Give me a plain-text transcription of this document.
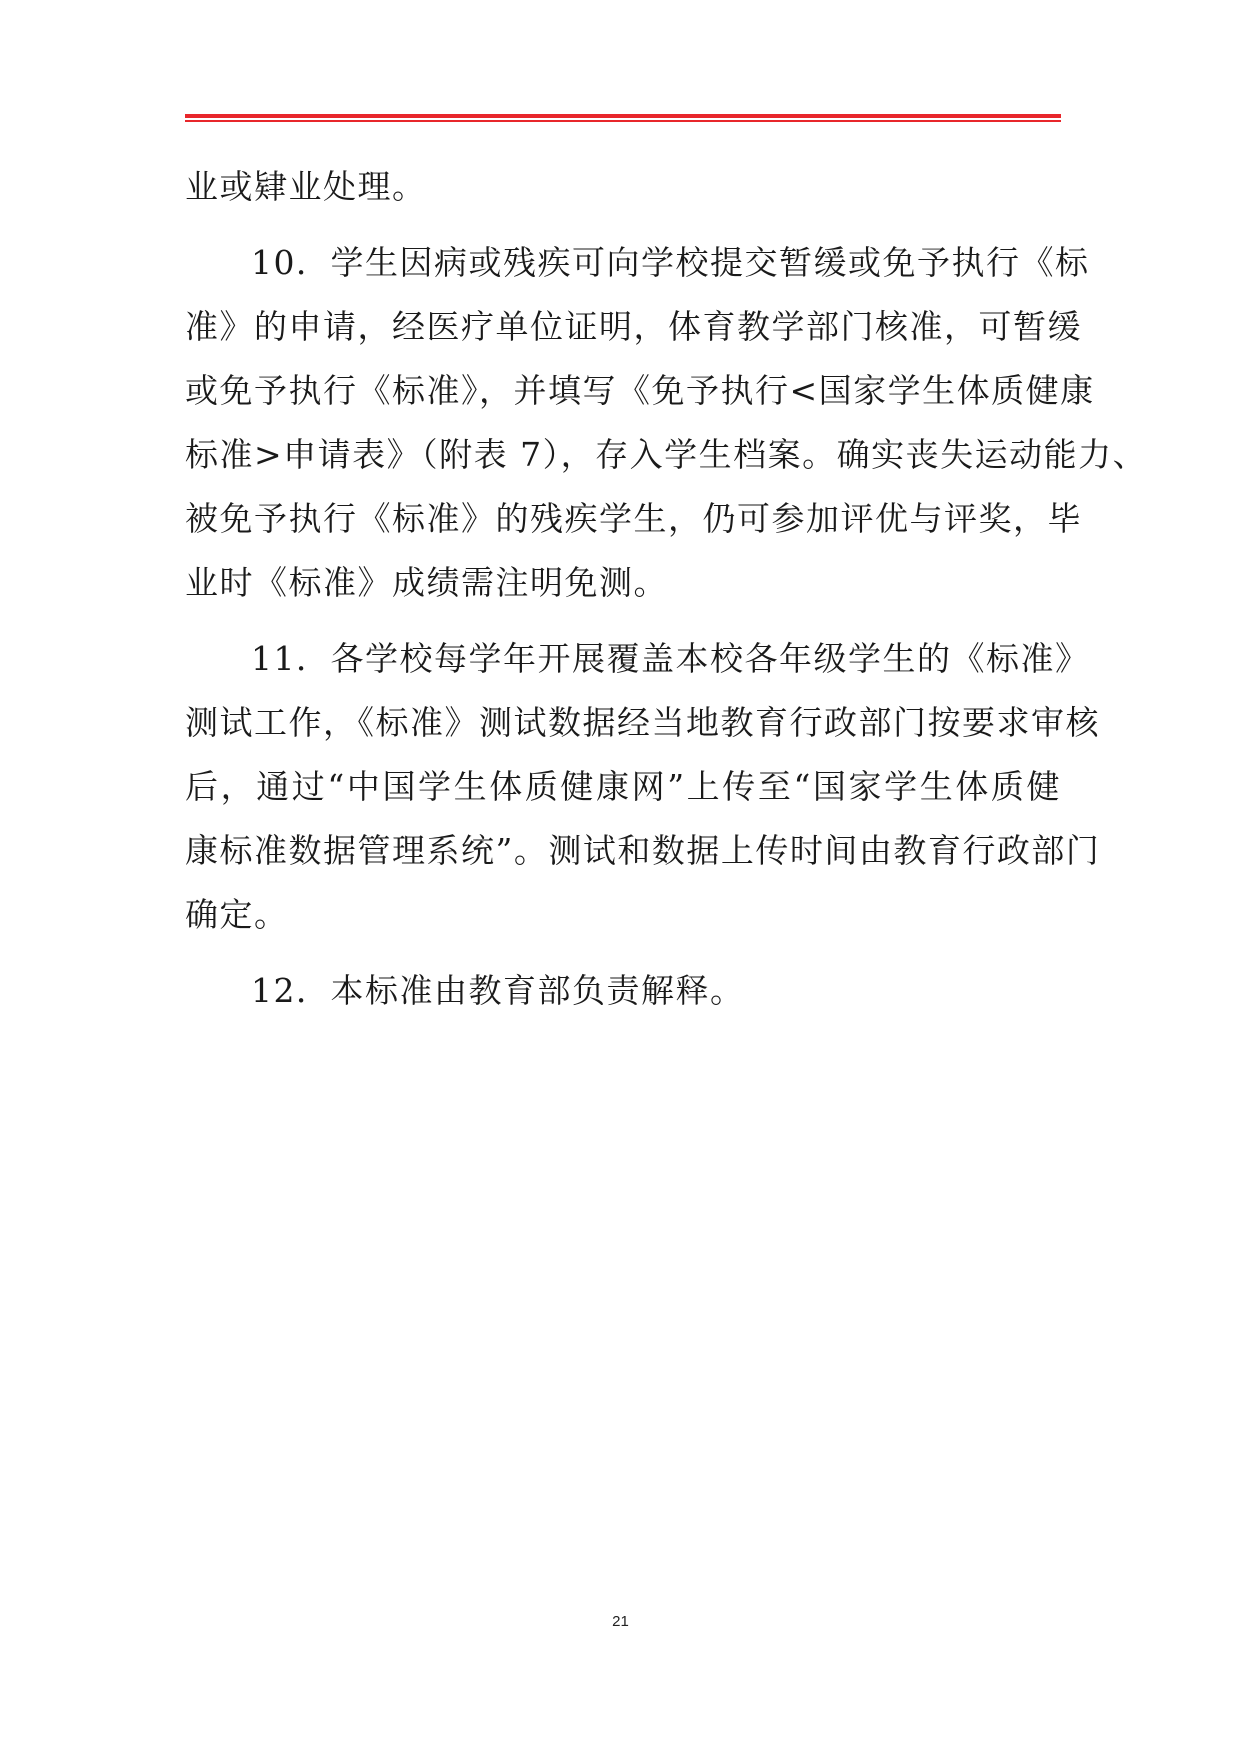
业或肄业处理。
10．学生因病或残疾可向学校提交暂缓或免予执行《标
准》的申请，经医疗单位证明，体育教学部门核准，可暂缓
或免予执行《标准》，并填写《免予执行<国家学生体质健康
标准>申请表》（附表 7），存入学生档案。确实丧失运动能力、
被免予执行《标准》的残疾学生，仍可参加评优与评奖，毕
业时《标准》成绩需注明免测。
11．各学校每学年开展覆盖本校各年级学生的《标准》
测试工作，《标准》测试数据经当地教育行政部门按要求审核
后，通过“中国学生体质健康网”上传至“国家学生体质健
康标准数据管理系统”。测试和数据上传时间由教育行政部门
确定。
12．本标准由教育部负责解释。
21
